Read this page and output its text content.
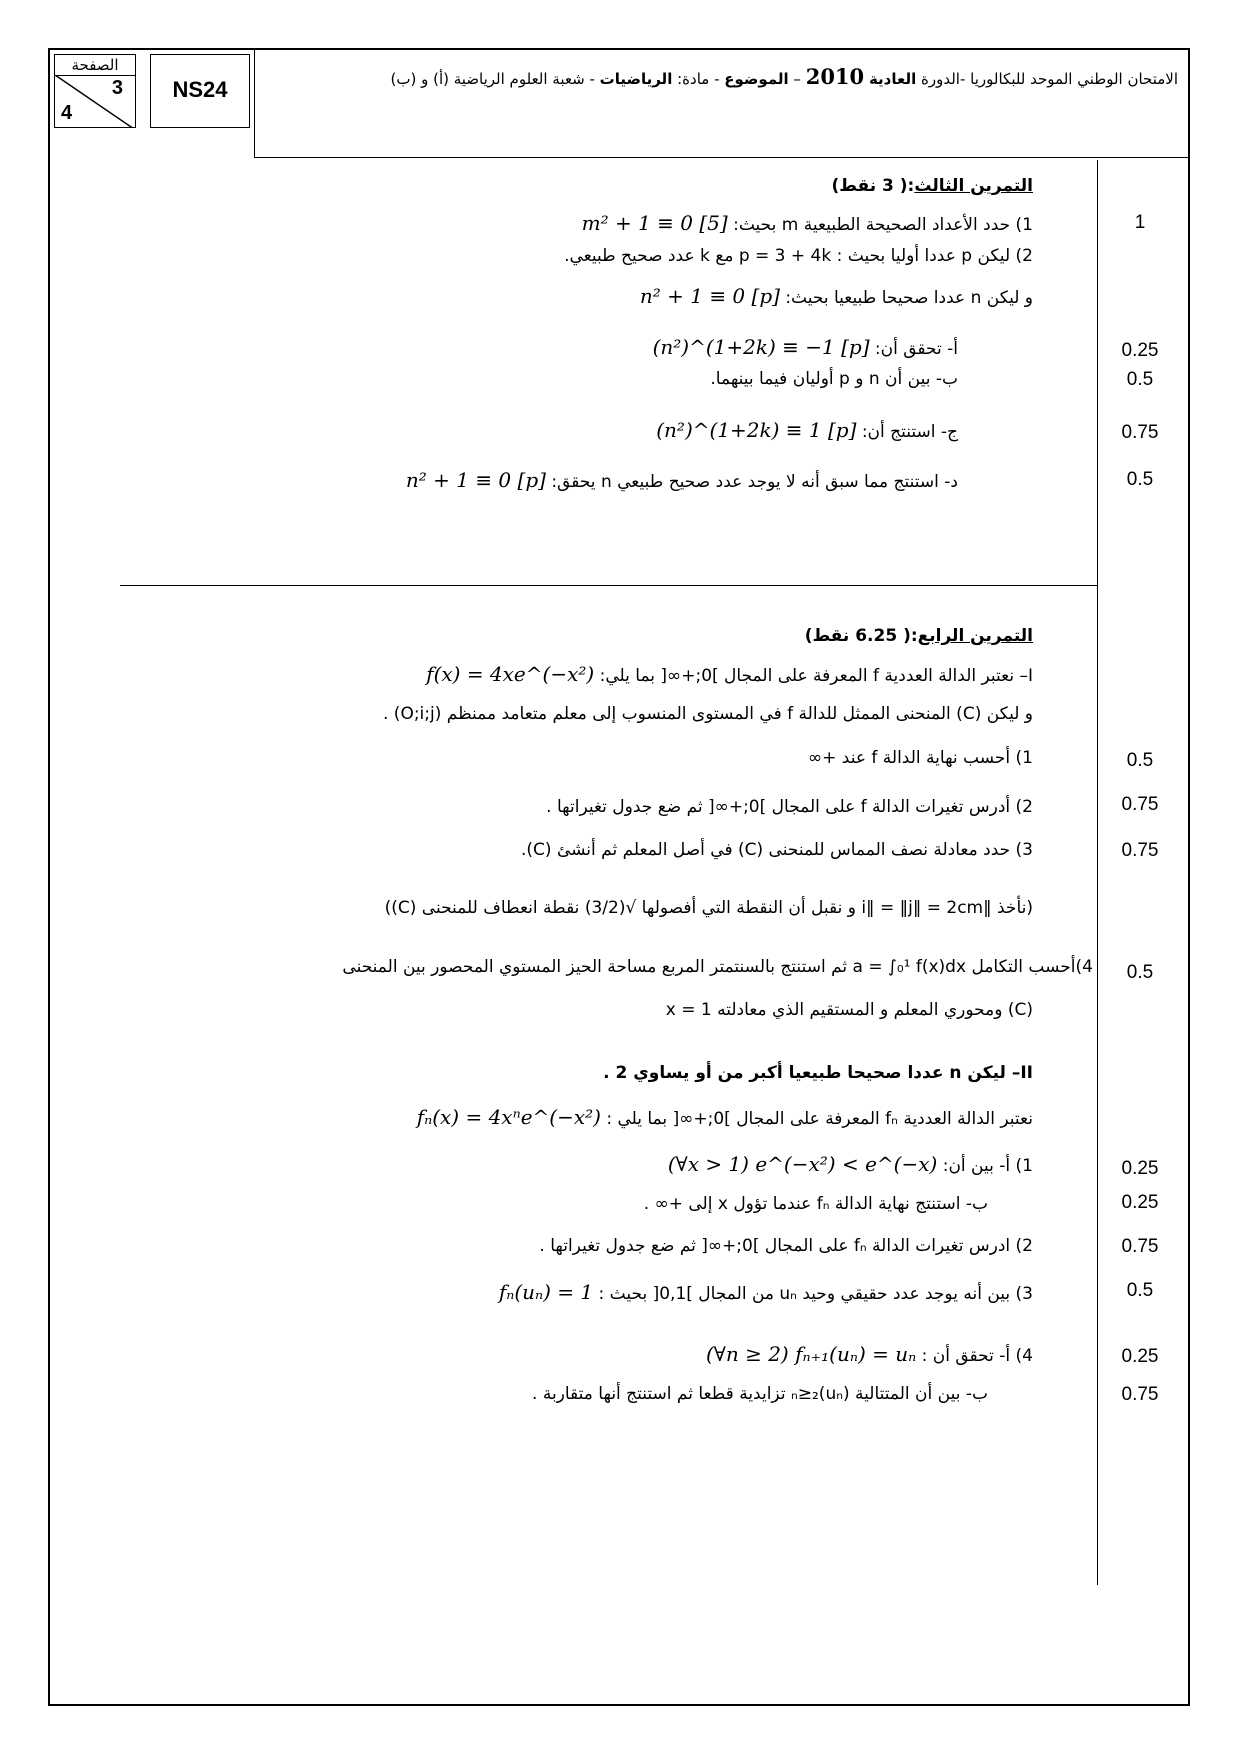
الصفحة
3
4
NS24	الامتحان الوطني الموحد للبكالوريا -الدورة العادية 2010 – الموضوع - مادة: الرياضيات - شعبة العلوم الرياضية (أ) و (ب)
التمرين الثالث:( 3 نقط)
1) حدد الأعداد الصحيحة الطبيعية m بحيث: m² + 1 ≡ 0 [5]	1
2) ليكن p عددا أوليا بحيث : p = 3 + 4k مع k عدد صحيح طبيعي.
و ليكن n عددا صحيحا طبيعيا بحيث: n² + 1 ≡ 0 [p]
أ- تحقق أن: (n²)^(1+2k) ≡ −1 [p]	0.25
ب- بين أن n و p أوليان فيما بينهما.	0.5
ج- استنتج أن: (n²)^(1+2k) ≡ 1 [p]	0.75
د- استنتج مما سبق أنه لا يوجد عدد صحيح طبيعي n يحقق: n² + 1 ≡ 0 [p]	0.5
التمرين الرابع:( 6.25 نقط)
I– نعتبر الدالة العددية f المعرفة على المجال ]0;+∞[ بما يلي: f(x) = 4xe^(−x²)
و ليكن (C) المنحنى الممثل للدالة f في المستوى المنسوب إلى معلم متعامد ممنظم (O;i;j) .
1) أحسب نهاية الدالة f عند +∞	0.5
2) أدرس تغيرات الدالة f على المجال ]0;+∞[ ثم ضع جدول تغيراتها .	0.75
3) حدد معادلة نصف المماس للمنحنى (C) في أصل المعلم ثم أنشئ (C).	0.75
(نأخذ ‖i‖ = ‖j‖ = 2cm و نقبل أن النقطة التي أفصولها √(3/2) نقطة انعطاف للمنحنى (C))
4)أحسب التكامل a = ∫₀¹ f(x)dx ثم استنتج بالسنتمتر المربع مساحة الحيز المستوي المحصور بين المنحنى	0.5
(C) ومحوري المعلم و المستقيم الذي معادلته x = 1
II– ليكن n عددا صحيحا طبيعيا أكبر من أو يساوي 2 .
نعتبر الدالة العددية fₙ المعرفة على المجال ]0;+∞[ بما يلي : fₙ(x) = 4xⁿe^(−x²)
1) أ- بين أن: (∀x > 1) e^(−x²) < e^(−x)	0.25
ب- استنتج نهاية الدالة fₙ عندما تؤول x إلى +∞ .	0.25
2) ادرس تغيرات الدالة fₙ على المجال ]0;+∞[ ثم ضع جدول تغيراتها .	0.75
3) بين أنه يوجد عدد حقيقي وحيد uₙ من المجال ]0,1[ بحيث : fₙ(uₙ) = 1	0.5
4) أ- تحقق أن : (∀n ≥ 2) fₙ₊₁(uₙ) = uₙ	0.25
ب- بين أن المتتالية (uₙ)ₙ≥₂ تزايدية قطعا ثم استنتج أنها متقاربة .	0.75
